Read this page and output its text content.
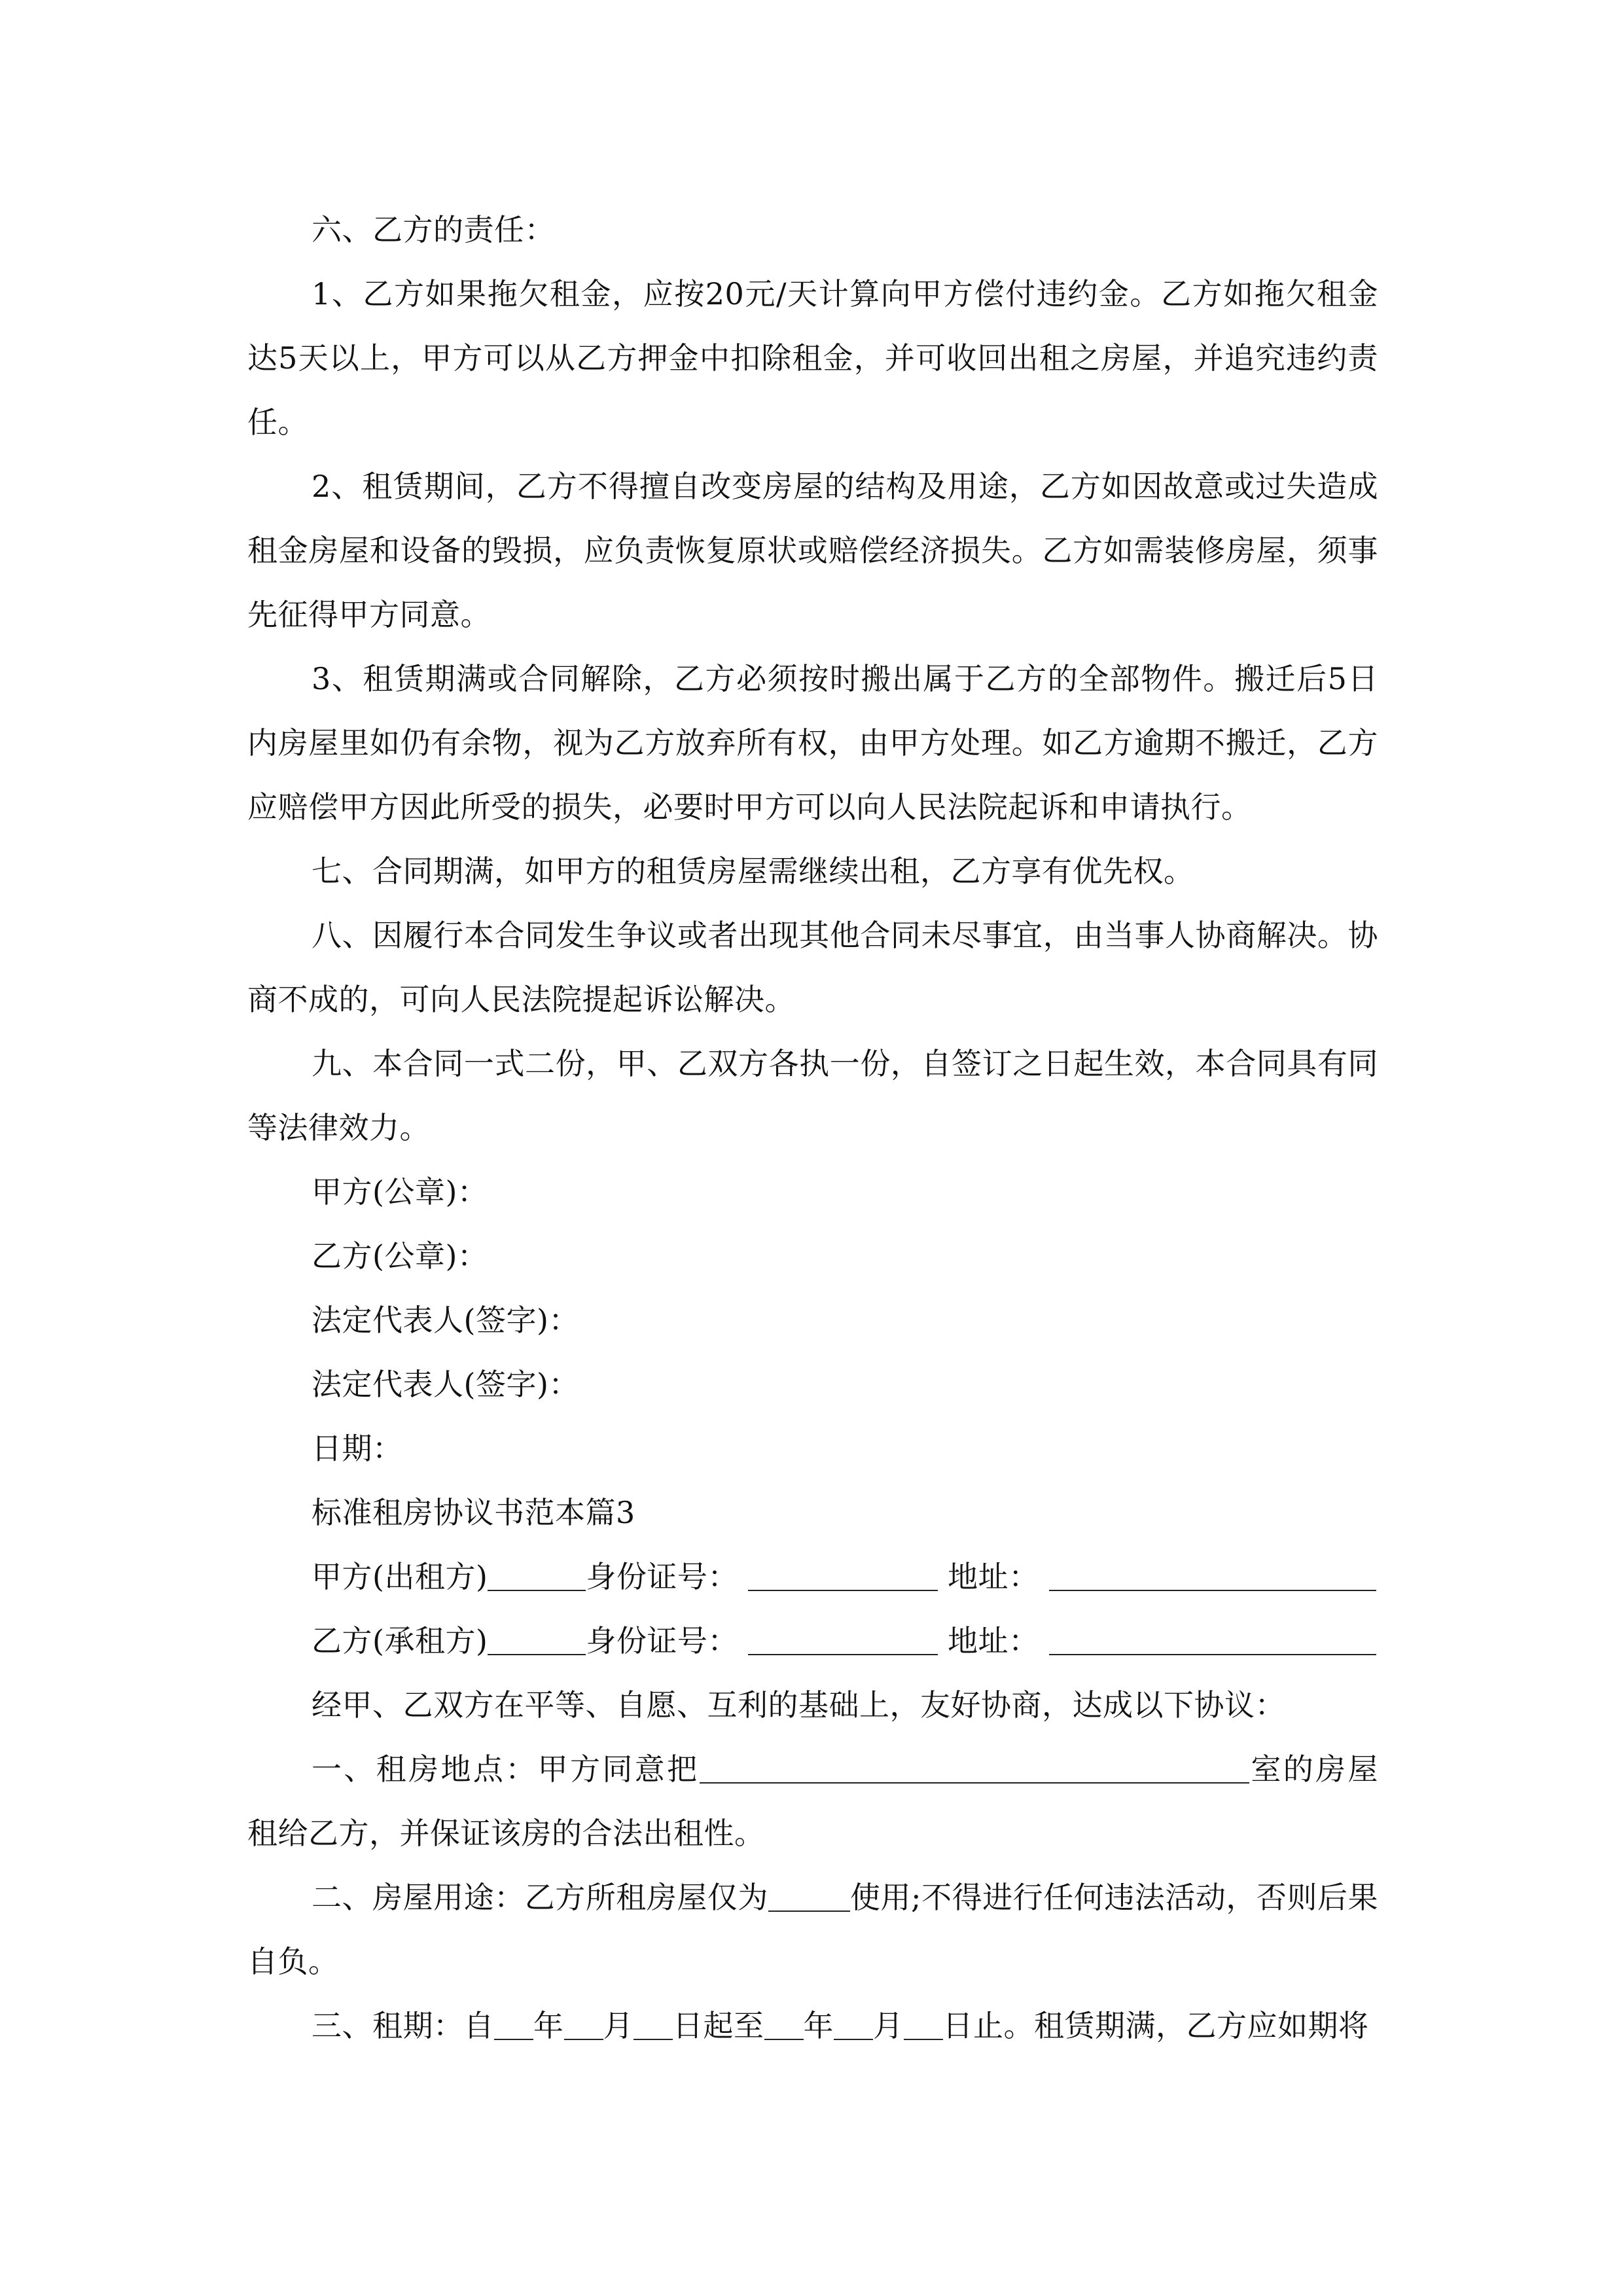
六、乙方的责任：

1、乙方如果拖欠租金，应按20元/天计算向甲方偿付违约金。乙方如拖欠租金达5天以上，甲方可以从乙方押金中扣除租金，并可收回出租之房屋，并追究违约责任。

2、租赁期间，乙方不得擅自改变房屋的结构及用途，乙方如因故意或过失造成租金房屋和设备的毁损，应负责恢复原状或赔偿经济损失。乙方如需装修房屋，须事先征得甲方同意。

3、租赁期满或合同解除，乙方必须按时搬出属于乙方的全部物件。搬迁后5日内房屋里如仍有余物，视为乙方放弃所有权，由甲方处理。如乙方逾期不搬迁，乙方应赔偿甲方因此所受的损失，必要时甲方可以向人民法院起诉和申请执行。

七、合同期满，如甲方的租赁房屋需继续出租，乙方享有优先权。

八、因履行本合同发生争议或者出现其他合同未尽事宜，由当事人协商解决。协商不成的，可向人民法院提起诉讼解决。

九、本合同一式二份，甲、乙双方各执一份，自签订之日起生效，本合同具有同等法律效力。

甲方(公章)：

乙方(公章)：

法定代表人(签字)：

法定代表人(签字)：

日期：

标准租房协议书范本篇3

甲方(出租方)	身份证号：	地址：

乙方(承租方)	身份证号：	地址：

经甲、乙双方在平等、自愿、互利的基础上，友好协商，达成以下协议：

一、租房地点：甲方同意把	室的房屋租给乙方，并保证该房的合法出租性。

二、房屋用途：乙方所租房屋仅为	使用;不得进行任何违法活动，否则后果自负。

三、租期：自 年 月 日起至 年 月 日止。租赁期满，乙方应如期将
